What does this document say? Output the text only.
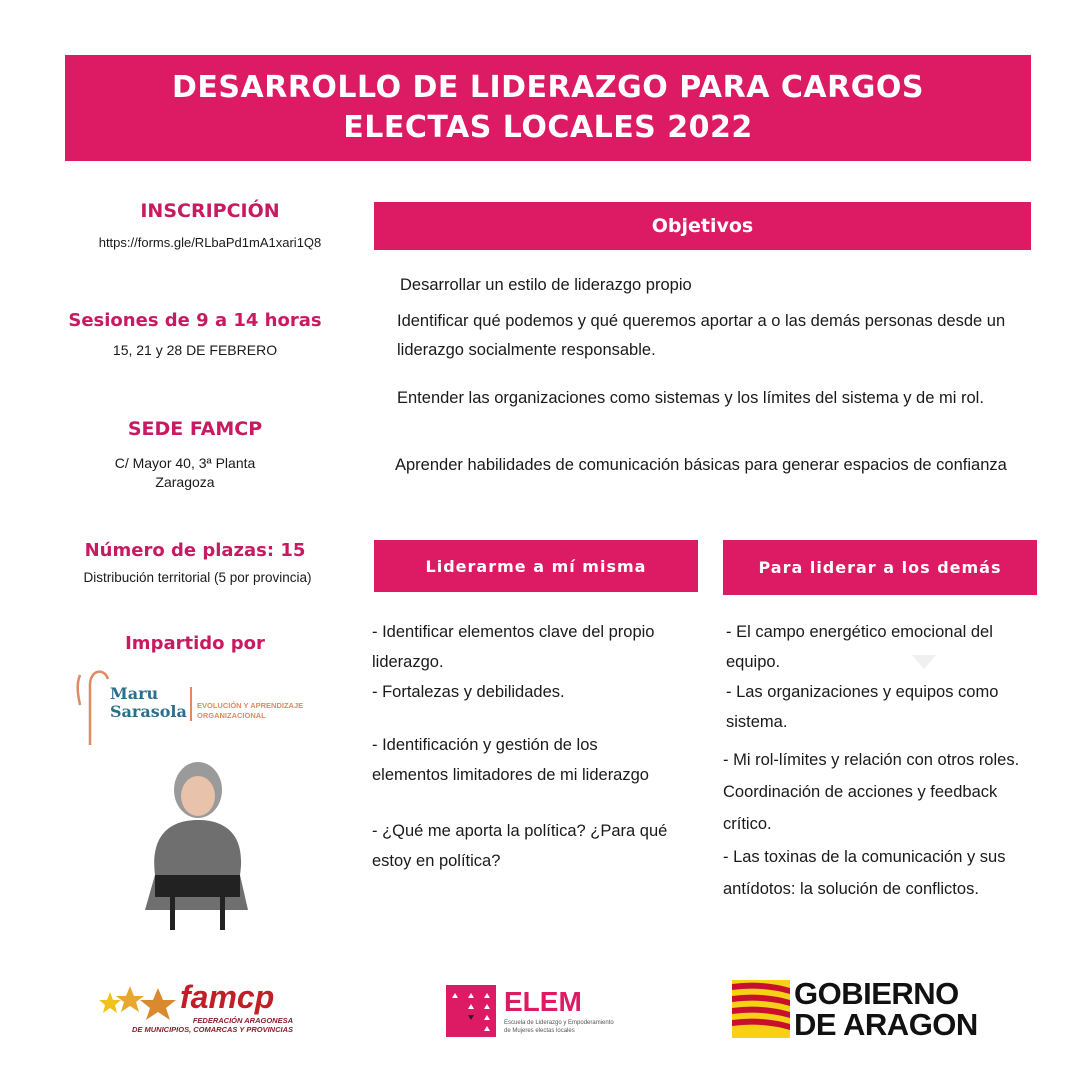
DESARROLLO DE LIDERAZGO PARA CARGOS ELECTAS LOCALES 2022
INSCRIPCIÓN
https://forms.gle/RLbaPd1mA1xari1Q8
Sesiones de 9 a 14 horas
15, 21 y 28 DE FEBRERO
SEDE FAMCP
C/ Mayor 40, 3ª Planta
Zaragoza
Número de plazas: 15
Distribución territorial (5 por provincia)
Impartido por
Maru
Sarasola EVOLUCIÓN Y APRENDIZAJE
ORGANIZACIONAL
Objetivos
Desarrollar un estilo de liderazgo propio
Identificar qué podemos y qué queremos aportar a o las demás personas desde un liderazgo socialmente responsable.
Entender las organizaciones como sistemas y los límites del sistema y de mi rol.
Aprender habilidades de comunicación básicas para generar espacios de confianza
Liderarme a mí misma	Para liderar a los demás
- Identificar elementos clave del propio liderazgo.
- Fortalezas y debilidades.
- Identificación y gestión de los elementos limitadores de mi liderazgo
- ¿Qué me aporta la política? ¿Para qué estoy en política?
- El campo energético emocional del equipo.
- Las organizaciones y equipos como sistema.
- Mi rol-límites y relación con otros roles. Coordinación de acciones y feedback crítico.
- Las toxinas de la comunicación y sus antídotos: la solución de conflictos.
famcp
FEDERACIÓN ARAGONESA
DE MUNICIPIOS, COMARCAS Y PROVINCIAS
ELEM
Escuela de Liderazgo y Empoderamiento
de Mujeres electas locales
GOBIERNO
DE ARAGON
